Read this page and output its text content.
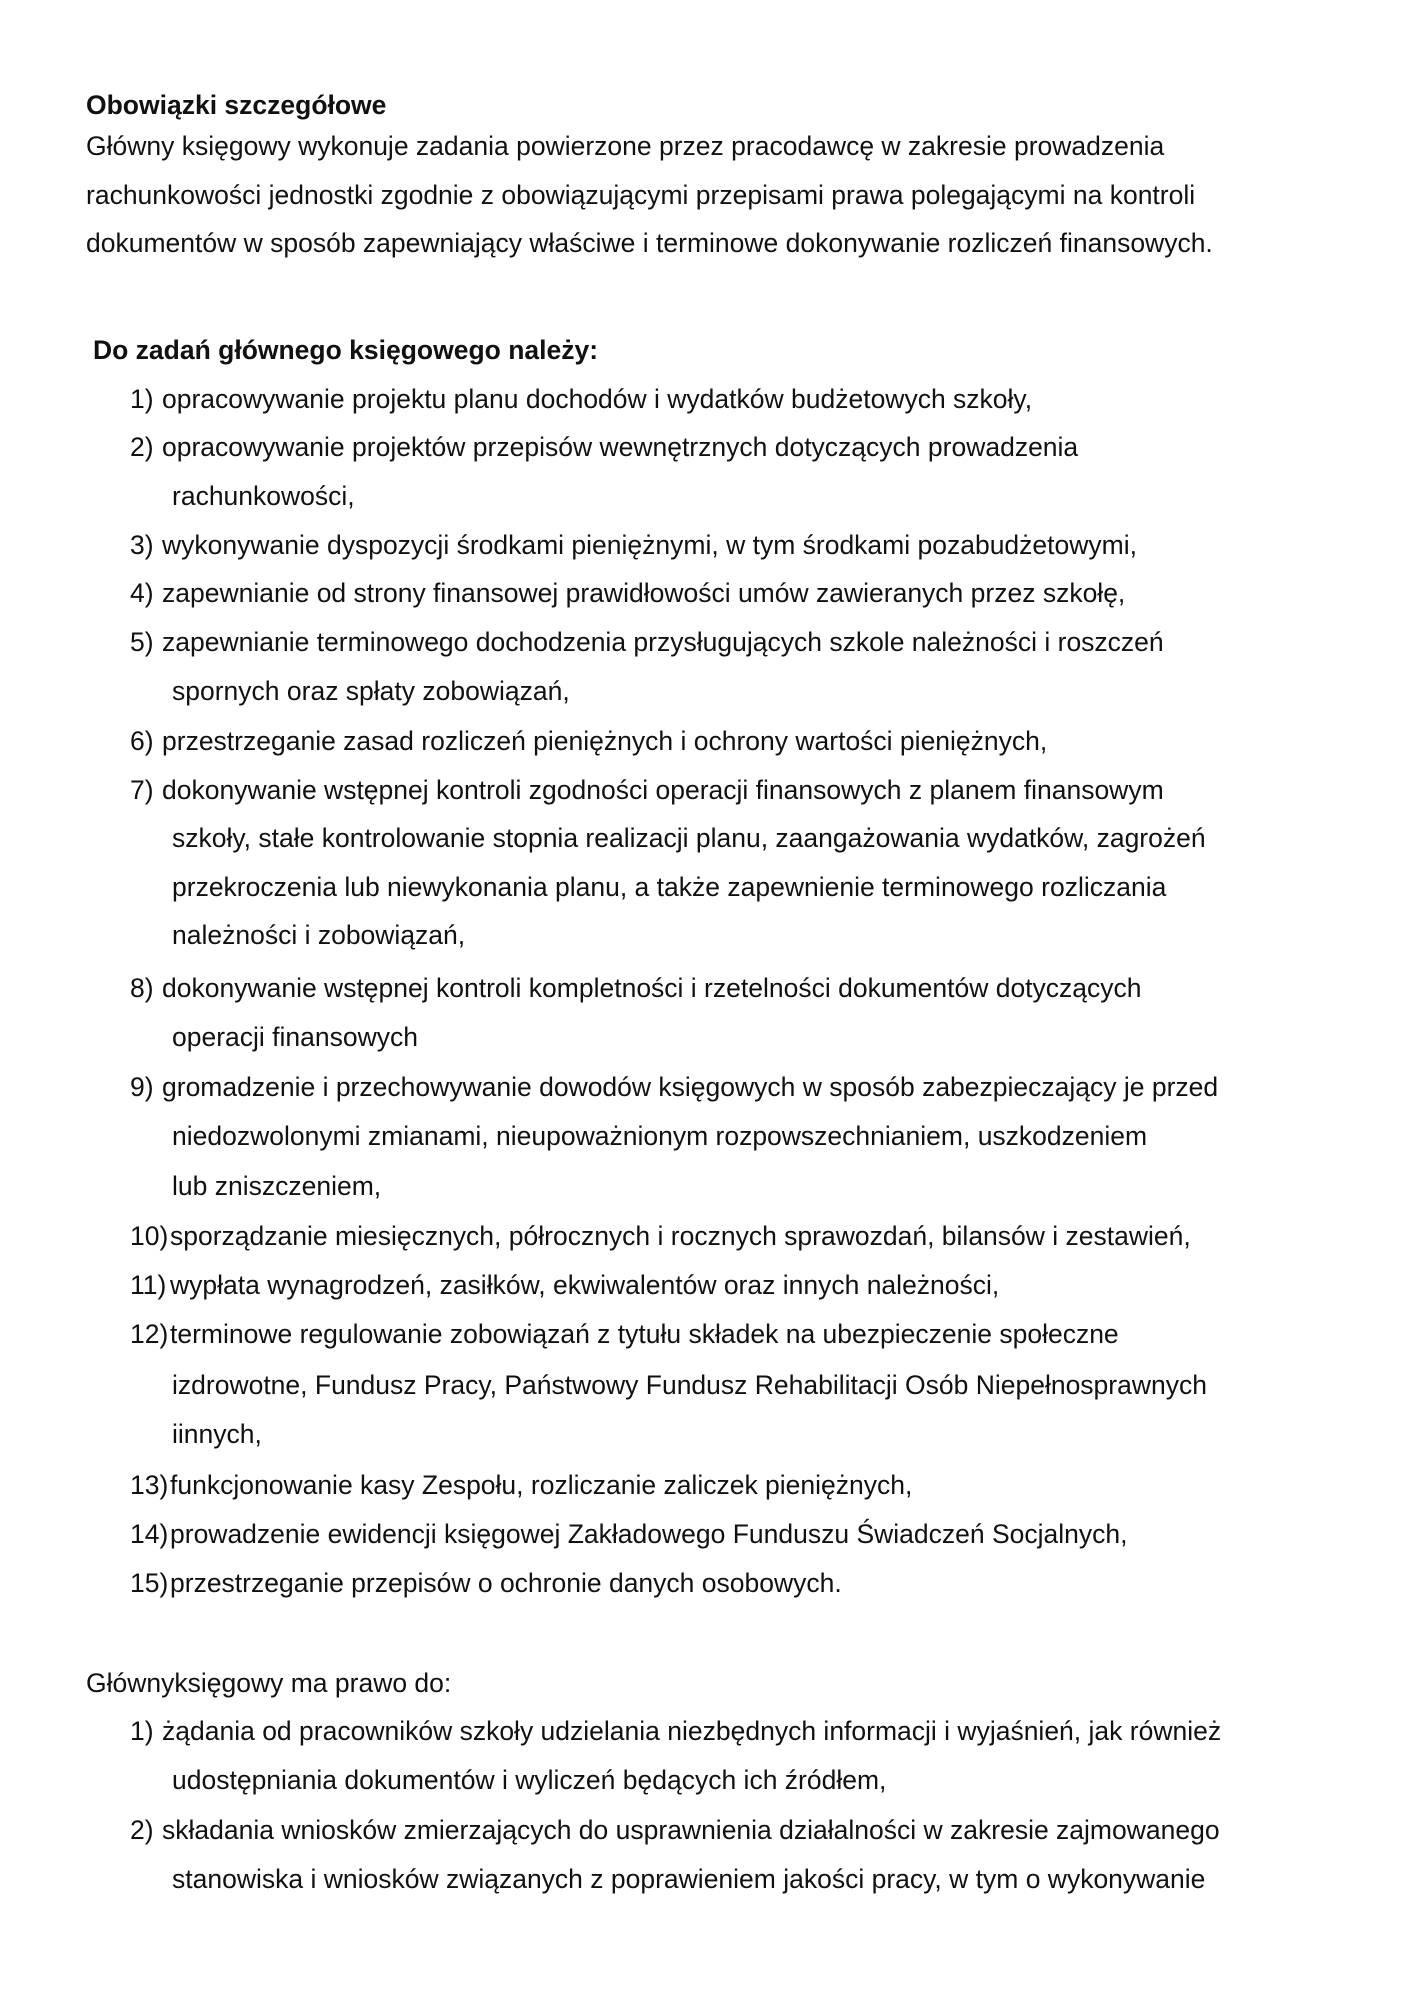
Obowiązki szczegółowe
Główny księgowy wykonuje zadania powierzone przez pracodawcę w zakresie prowadzenia
rachunkowości jednostki zgodnie z obowiązującymi przepisami prawa polegającymi na kontroli
dokumentów w sposób zapewniający właściwe i terminowe dokonywanie rozliczeń finansowych.
Do zadań głównego księgowego należy:
1) opracowywanie projektu planu dochodów i wydatków budżetowych szkoły,
2) opracowywanie projektów przepisów wewnętrznych dotyczących prowadzenia
rachunkowości,
3) wykonywanie dyspozycji środkami pieniężnymi, w tym środkami pozabudżetowymi,
4) zapewnianie od strony finansowej prawidłowości umów zawieranych przez szkołę,
5) zapewnianie terminowego dochodzenia przysługujących szkole należności i roszczeń
spornych oraz spłaty zobowiązań,
6) przestrzeganie zasad rozliczeń pieniężnych i ochrony wartości pieniężnych,
7) dokonywanie wstępnej kontroli zgodności operacji finansowych z planem finansowym
szkoły, stałe kontrolowanie stopnia realizacji planu, zaangażowania wydatków, zagrożeń
przekroczenia lub niewykonania planu, a także zapewnienie terminowego rozliczania
należności i zobowiązań,
8) dokonywanie wstępnej kontroli kompletności i rzetelności dokumentów dotyczących
operacji finansowych
9) gromadzenie i przechowywanie dowodów księgowych w sposób zabezpieczający je przed
niedozwolonymi zmianami, nieupoważnionym rozpowszechnianiem, uszkodzeniem
lub zniszczeniem,
10) sporządzanie miesięcznych, półrocznych i rocznych sprawozdań, bilansów i zestawień,
11) wypłata wynagrodzeń, zasiłków, ekwiwalentów oraz innych należności,
12) terminowe regulowanie zobowiązań z tytułu składek na ubezpieczenie społeczne
izdrowotne, Fundusz Pracy, Państwowy Fundusz Rehabilitacji Osób Niepełnosprawnych
iinnych,
13) funkcjonowanie kasy Zespołu, rozliczanie zaliczek pieniężnych,
14) prowadzenie ewidencji księgowej Zakładowego Funduszu Świadczeń Socjalnych,
15) przestrzeganie przepisów o ochronie danych osobowych.
Głównyksięgowy ma prawo do:
1) żądania od pracowników szkoły udzielania niezbędnych informacji i wyjaśnień, jak również
udostępniania dokumentów i wyliczeń będących ich źródłem,
2) składania wniosków zmierzających do usprawnienia działalności w zakresie zajmowanego
stanowiska i wniosków związanych z poprawieniem jakości pracy, w tym o wykonywanie
